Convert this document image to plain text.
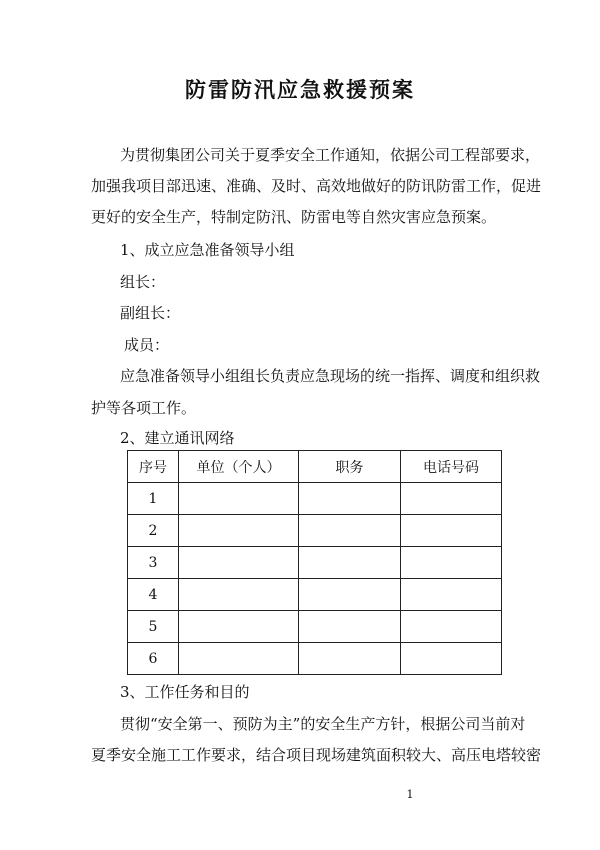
防雷防汛应急救援预案
为贯彻集团公司关于夏季安全工作通知，依据公司工程部要求，
加强我项目部迅速、准确、及时、高效地做好的防讯防雷工作，促进
更好的安全生产，特制定防汛、防雷电等自然灾害应急预案。
1、成立应急准备领导小组
组长：
副组长：
成员：
应急准备领导小组组长负责应急现场的统一指挥、调度和组织救
护等各项工作。
2、建立通讯网络
序号	单位（个人）	职务	电话号码
1			
2			
3			
4			
5			
6			
3、工作任务和目的
贯彻“安全第一、预防为主”的安全生产方针，根据公司当前对
夏季安全施工工作要求，结合项目现场建筑面积较大、高压电塔较密
1
